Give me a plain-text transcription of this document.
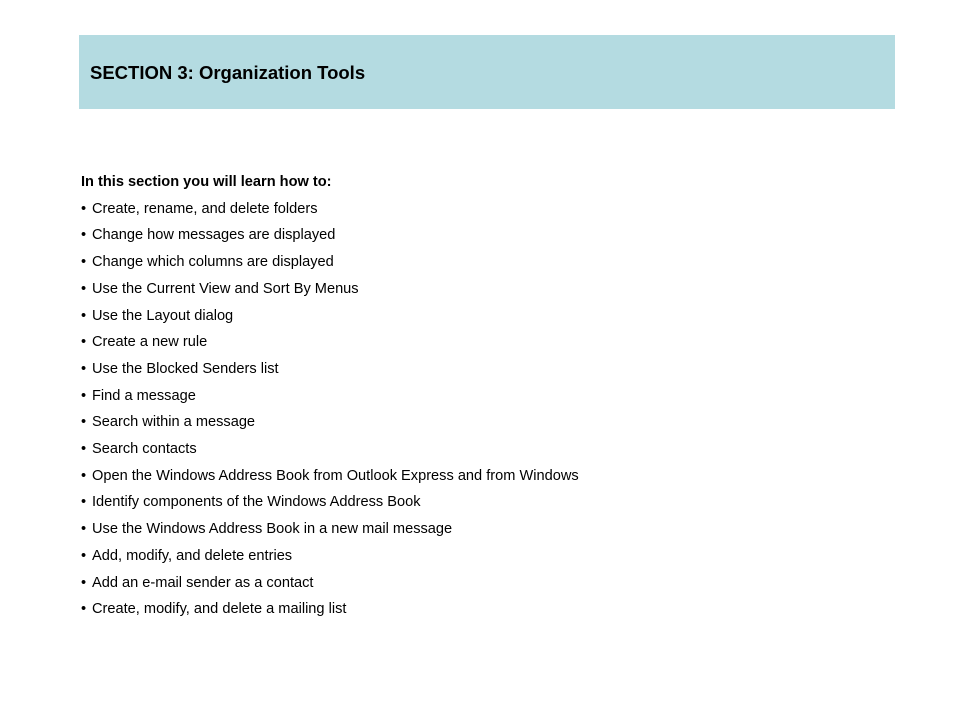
SECTION 3: Organization Tools

In this section you will learn how to:

• Create, rename, and delete folders
• Change how messages are displayed
• Change which columns are displayed
• Use the Current View and Sort By Menus
• Use the Layout dialog
• Create a new rule
• Use the Blocked Senders list
• Find a message
• Search within a message
• Search contacts
• Open the Windows Address Book from Outlook Express and from Windows
• Identify components of the Windows Address Book
• Use the Windows Address Book in a new mail message
• Add, modify, and delete entries
• Add an e-mail sender as a contact
• Create, modify, and delete a mailing list
